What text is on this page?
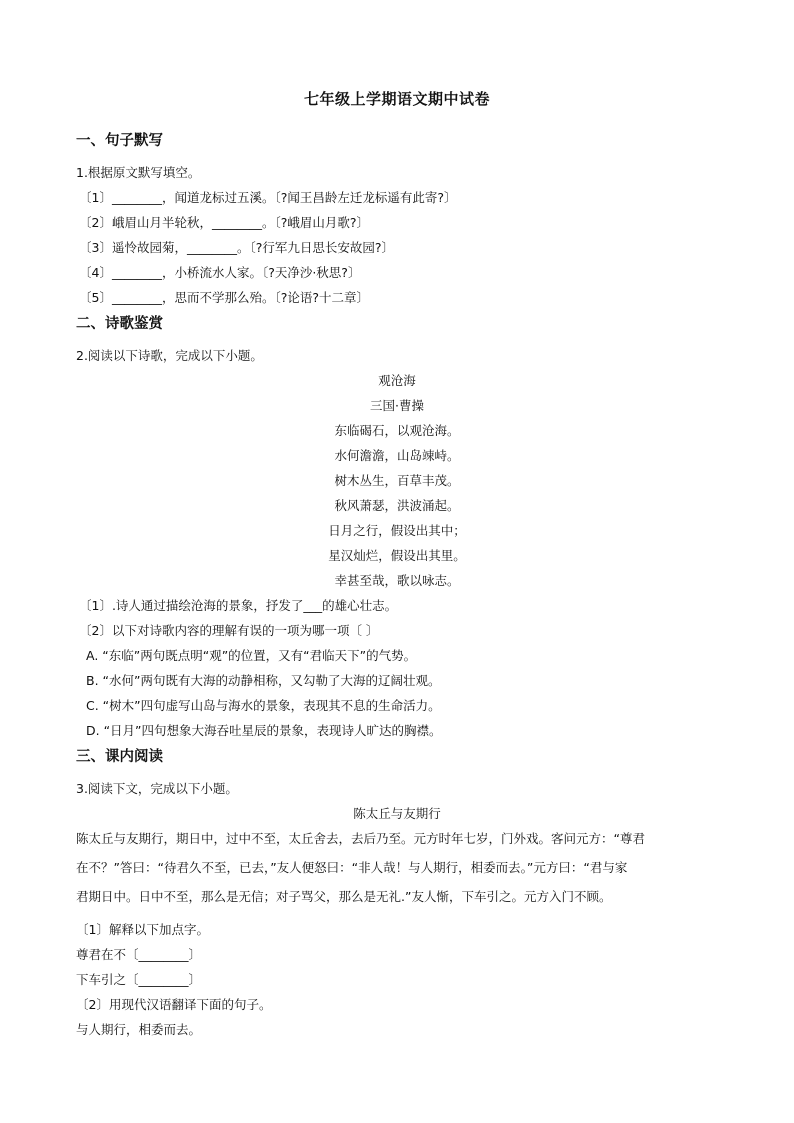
七年级上学期语文期中试卷
一、句子默写
1.根据原文默写填空。
〔1〕________，闻道龙标过五溪。〔?闻王昌龄左迁龙标遥有此寄?〕
〔2〕峨眉山月半轮秋，________。〔?峨眉山月歌?〕
〔3〕遥怜故园菊，________。〔?行军九日思长安故园?〕
〔4〕________，小桥流水人家。〔?天净沙·秋思?〕
〔5〕________，思而不学那么殆。〔?论语?十二章〕
二、诗歌鉴赏
2.阅读以下诗歌，完成以下小题。
观沧海
三国·曹操
东临碣石，以观沧海。
水何澹澹，山岛竦峙。
树木丛生，百草丰茂。
秋风萧瑟，洪波涌起。
日月之行，假设出其中；
星汉灿烂，假设出其里。
幸甚至哉，歌以咏志。
〔1〕.诗人通过描绘沧海的景象，抒发了___的雄心壮志。
〔2〕以下对诗歌内容的理解有误的一项为哪一项〔 〕
A. “东临”两句既点明“观”的位置，又有“君临天下”的气势。
B. “水何”两句既有大海的动静相称，又勾勒了大海的辽阔壮观。
C. “树木”四句虚写山岛与海水的景象，表现其不息的生命活力。
D. “日月”四句想象大海吞吐星辰的景象，表现诗人旷达的胸襟。
三、课内阅读
3.阅读下文，完成以下小题。
陈太丘与友期行
陈太丘与友期行，期日中，过中不至，太丘舍去，去后乃至。元方时年七岁，门外戏。客问元方：“尊君
在不？”答曰：“待君久不至，已去，”友人便怒曰：“非人哉！与人期行，相委而去。”元方曰：“君与家
君期日中。日中不至，那么是无信；对子骂父，那么是无礼.”友人惭，下车引之。元方入门不顾。
〔1〕解释以下加点字。
尊君在不〔________〕
下车引之〔________〕
〔2〕用现代汉语翻译下面的句子。
与人期行，相委而去。
